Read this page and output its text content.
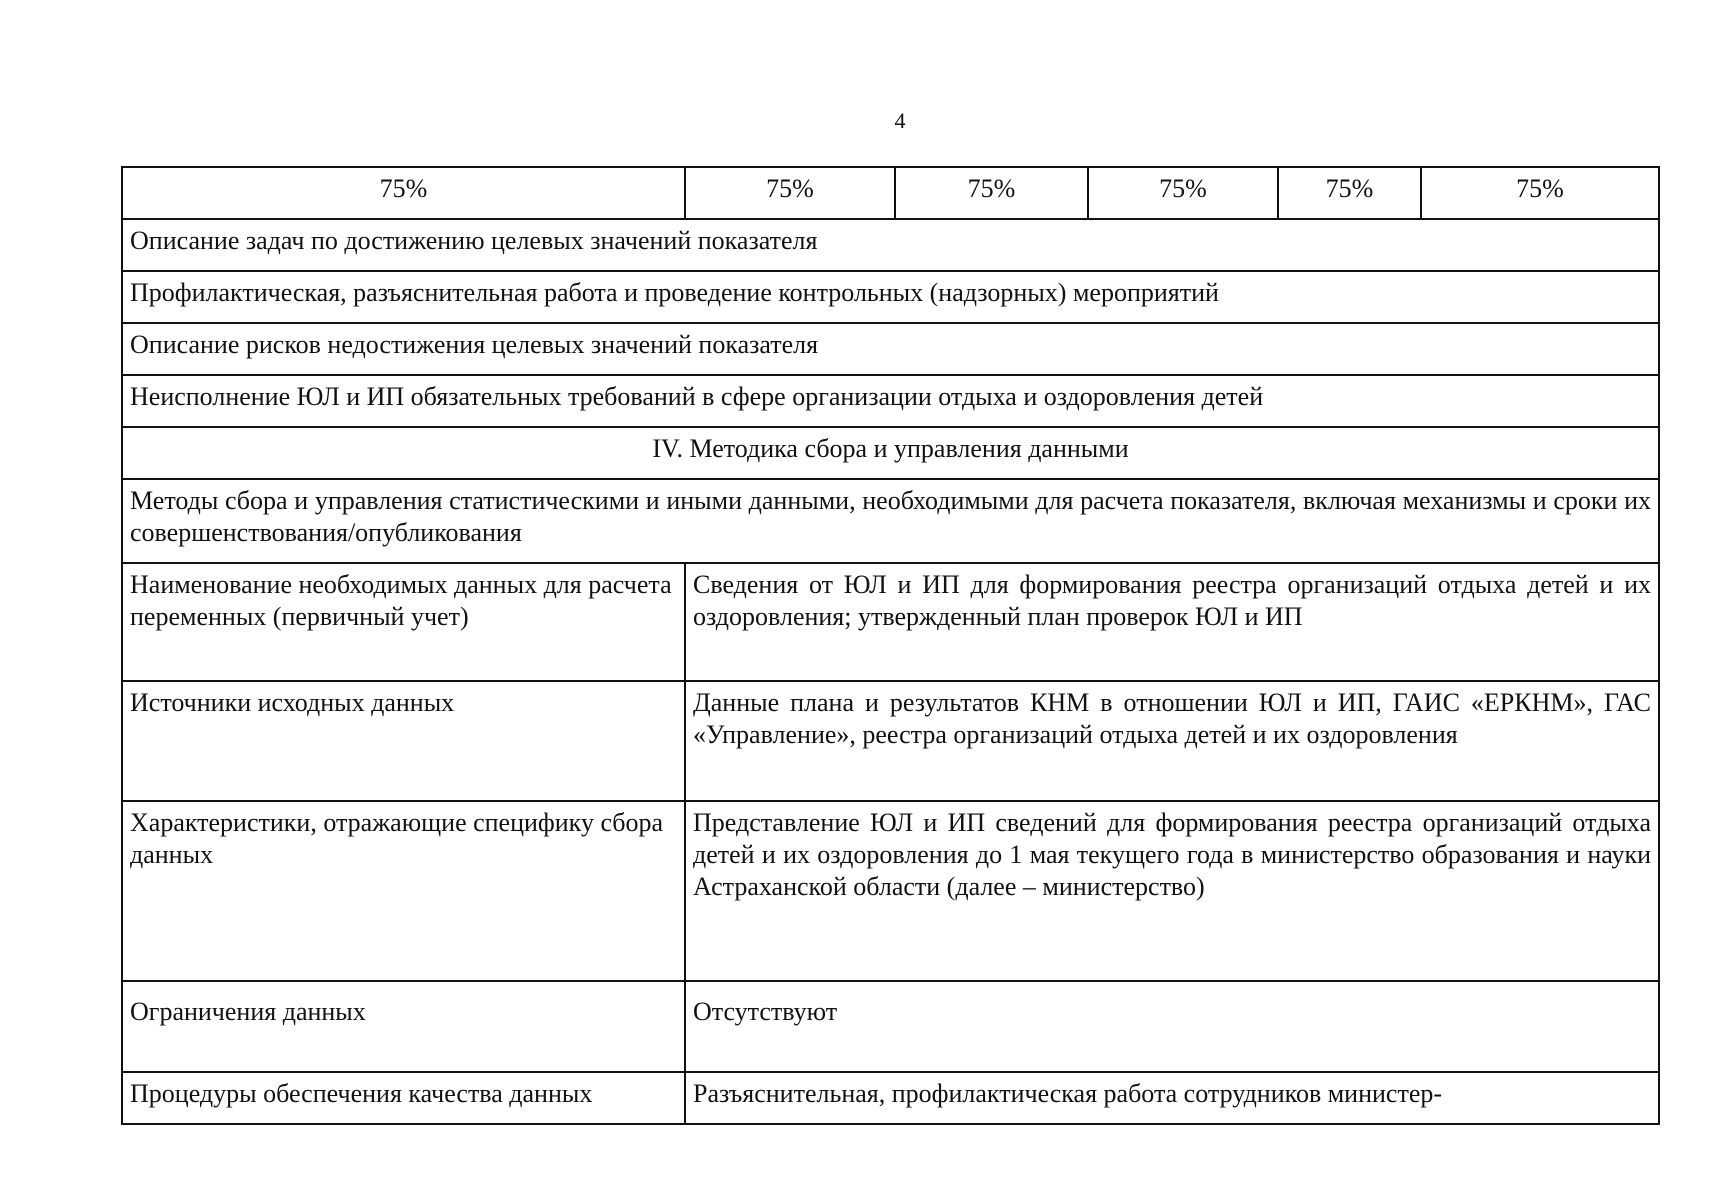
4
75%	75%	75%	75%	75%	75%
Описание задач по достижению целевых значений показателя					
Профилактическая, разъяснительная работа и проведение контрольных (надзорных) мероприятий					
Описание рисков недостижения целевых значений показателя					
Неисполнение ЮЛ и ИП обязательных требований в сфере организации отдыха и оздоровления детей					
IV. Методика сбора и управления данными					
Методы сбора и управления статистическими и иными данными, необходимыми для расчета показателя, включая механизмы и сроки их совершенствования/опубликования					
Наименование необходимых данных для расчета переменных (первичный учет)	Сведения от ЮЛ и ИП для формирования реестра организаций отдыха детей и их оздоровления; утвержденный план проверок ЮЛ и ИП				
Источники исходных данных	Данные плана и результатов КНМ в отношении ЮЛ и ИП, ГАИС «ЕРКНМ», ГАС «Управление», реестра организаций отдыха детей и их оздоровления				
Характеристики, отражающие специфику сбора данных	Представление ЮЛ и ИП сведений для формирования реестра организаций отдыха детей и их оздоровления до 1 мая текущего года в министерство образования и науки Астраханской области (далее – министерство)				
Ограничения данных	Отсутствуют				
Процедуры обеспечения качества данных	Разъяснительная, профилактическая работа сотрудников министер-				
